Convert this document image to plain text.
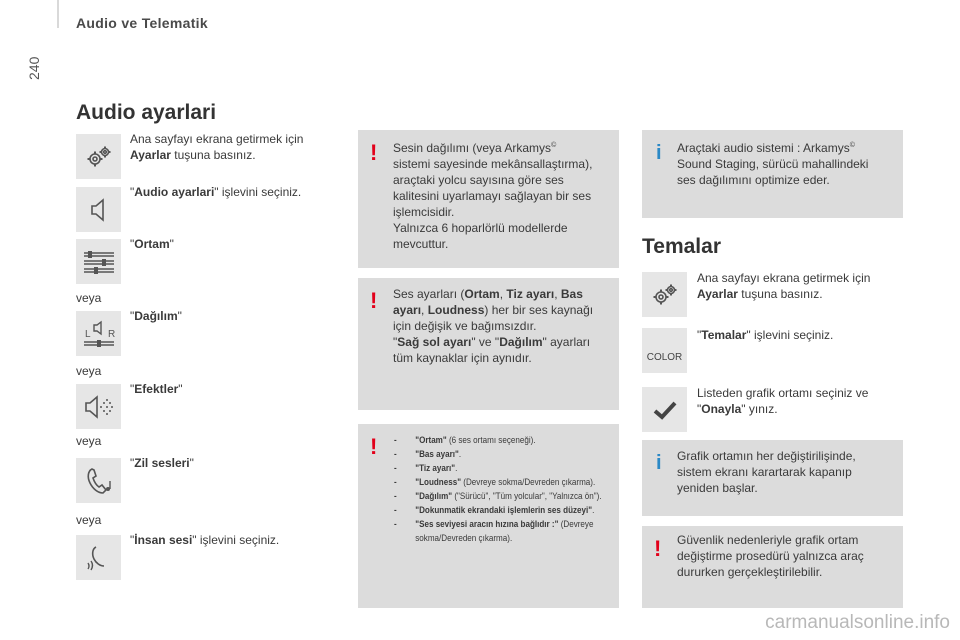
Audio ve Telematik
240
Audio ayarlari
Ana sayfayı ekrana getirmek için
Ayarlar tuşuna basınız.
"Audio ayarlari" işlevini seçiniz.
"Ortam"
veya
L R
"Dağılım"
veya
"Efektler"
veya
"Zil sesleri"
veya
"İnsan sesi" işlevini seçiniz.
! Sesin dağılımı (veya Arkamys©
sistemi sayesinde mekânsallaştırma),
araçtaki yolcu sayısına göre ses
kalitesini uyarlamayı sağlayan bir ses
işlemcisidir.
Yalnızca 6 hoparlörlü modellerde
mevcuttur.
! Ses ayarları (Ortam, Tiz ayarı, Bas
ayarı, Loudness) her bir ses kaynağı
için değişik ve bağımsızdır.
"Sağ sol ayarı" ve "Dağılım" ayarları
tüm kaynaklar için aynıdır.
! - "Ortam" (6 ses ortamı seçeneği).
- "Bas ayarı".
- "Tiz ayarı".
- "Loudness" (Devreye sokma/Devreden çıkarma).
- "Dağılım" ("Sürücü", "Tüm yolcular", "Yalnızca ön").
- "Dokunmatik ekrandaki işlemlerin ses düzeyi".
- "Ses seviyesi aracın hızına bağlıdır :" (Devreye sokma/Devreden çıkarma).
i Araçtaki audio sistemi : Arkamys©
Sound Staging, sürücü mahallindeki
ses dağılımını optimize eder.
Temalar
Ana sayfayı ekrana getirmek için
Ayarlar tuşuna basınız.
COLOR
"Temalar" işlevini seçiniz.
Listeden grafik ortamı seçiniz ve
"Onayla" yınız.
i Grafik ortamın her değiştirilişinde,
sistem ekranı karartarak kapanıp
yeniden başlar.
! Güvenlik nedenleriyle grafik ortam
değiştirme prosedürü yalnızca araç
dururken gerçekleştirilebilir.
carmanualsonline.info
